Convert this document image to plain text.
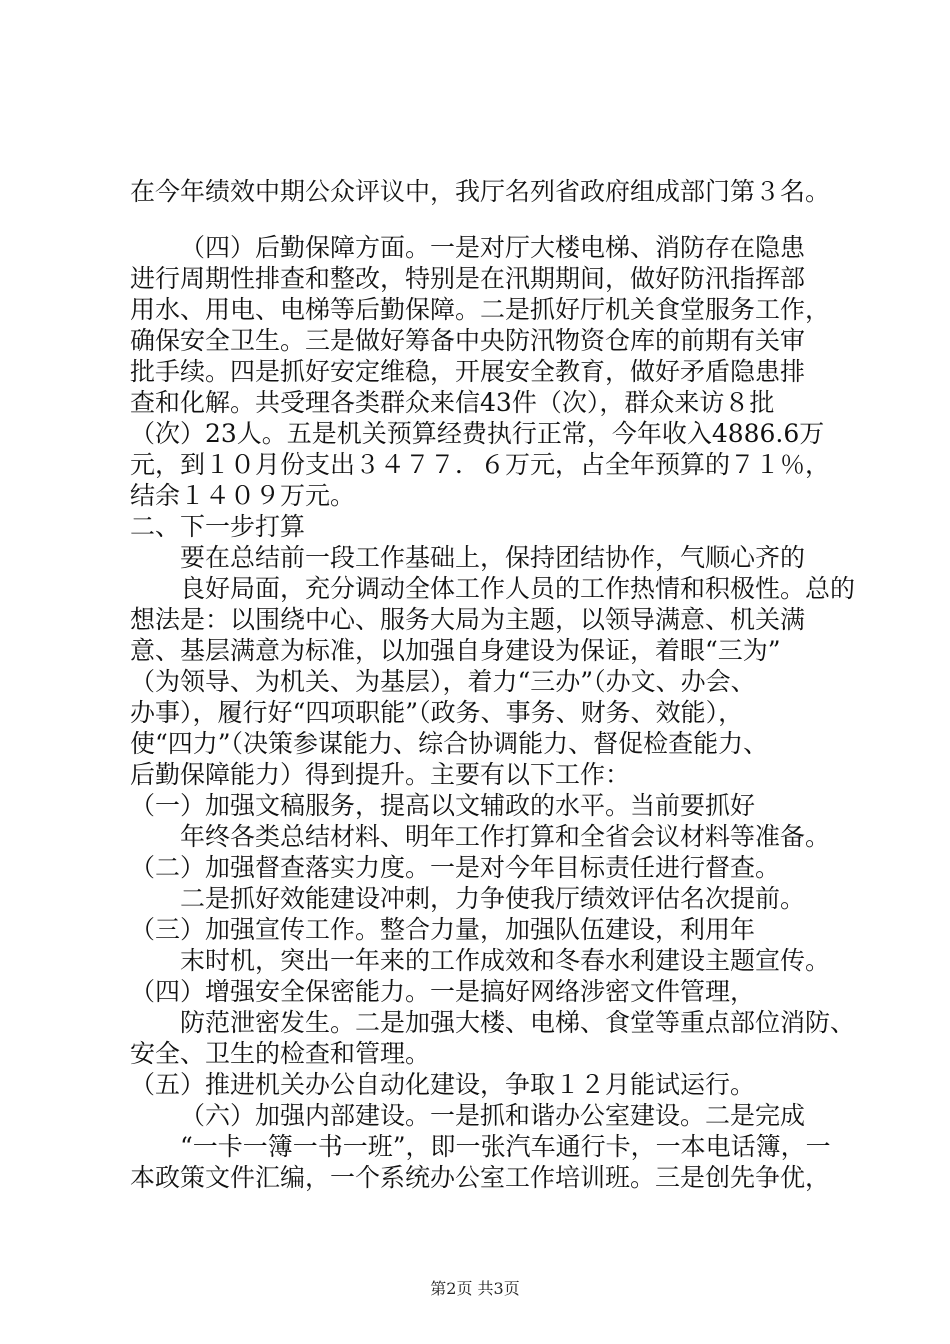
在今年绩效中期公众评议中，我厅名列省政府组成部门第３名。
（四）后勤保障方面。一是对厅大楼电梯、消防存在隐患
进行周期性排查和整改，特别是在汛期期间，做好防汛指挥部
用水、用电、电梯等后勤保障。二是抓好厅机关食堂服务工作，
确保安全卫生。三是做好筹备中央防汛物资仓库的前期有关审
批手续。四是抓好安定维稳，开展安全教育，做好矛盾隐患排
查和化解。共受理各类群众来信43件（次），群众来访８批
（次）23人。五是机关预算经费执行正常，今年收入4886.6万
元，到１０月份支出３４７７．６万元，占全年预算的７１％，
结余１４０９万元。
二、下一步打算
要在总结前一段工作基础上，保持团结协作，气顺心齐的
良好局面，充分调动全体工作人员的工作热情和积极性。总的
想法是：以围绕中心、服务大局为主题，以领导满意、机关满
意、基层满意为标准，以加强自身建设为保证，着眼“三为”
（为领导、为机关、为基层），着力“三办”（办文、办会、
办事），履行好“四项职能”（政务、事务、财务、效能），
使“四力”（决策参谋能力、综合协调能力、督促检查能力、
后勤保障能力）得到提升。主要有以下工作：
（一）加强文稿服务，提高以文辅政的水平。当前要抓好
年终各类总结材料、明年工作打算和全省会议材料等准备。
（二）加强督查落实力度。一是对今年目标责任进行督查。
二是抓好效能建设冲刺，力争使我厅绩效评估名次提前。
（三）加强宣传工作。整合力量，加强队伍建设，利用年
末时机，突出一年来的工作成效和冬春水利建设主题宣传。
（四）增强安全保密能力。一是搞好网络涉密文件管理，
防范泄密发生。二是加强大楼、电梯、食堂等重点部位消防、
安全、卫生的检查和管理。
（五）推进机关办公自动化建设，争取１２月能试运行。
（六）加强内部建设。一是抓和谐办公室建设。二是完成
“一卡一簿一书一班”，即一张汽车通行卡，一本电话簿，一
本政策文件汇编，一个系统办公室工作培训班。三是创先争优，
第2页 共3页
